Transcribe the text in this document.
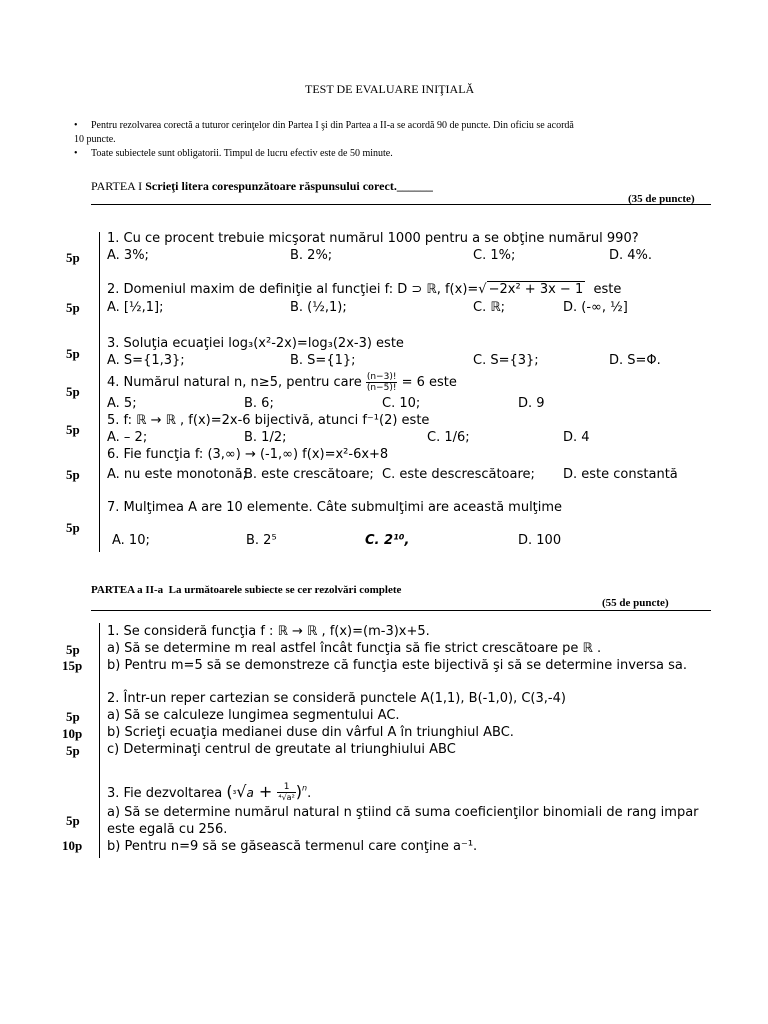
TEST DE EVALUARE INIŢIALĂ
• Pentru rezolvarea corectă a tuturor cerinţelor din Partea I şi din Partea a II-a se acordă 90 de puncte. Din oficiu se acordă
10 puncte.
• Toate subiectele sunt obligatorii. Timpul de lucru efectiv este de 50 minute.
PARTEA I Scrieţi litera corespunzătoare răspunsului corect.______
(35 de puncte)
5p
5p
5p
5p
5p
5p
5p
1. Cu ce procent trebuie micşorat numărul 1000 pentru a se obţine numărul 990?
A. 3%;	B. 2%;	C. 1%;	D. 4%.
2. Domeniul maxim de definiţie al funcţiei f: D ⊃ ℝ, f(x)=√ −2x² + 3x − 1 este
A. [½,1];	B. (½,1);	C. ℝ;	D. (-∞, ½]
3. Soluţia ecuaţiei log₃(x²-2x)=log₃(2x-3) este
A. S={1,3};	B. S={1};	C. S={3};	D. S=Φ.
4. Numărul natural n, n≥5, pentru care $\frac{(n-3)!}{(n-5)!} = 6$ este
A. 5;	B. 6;	C. 10;	D. 9
5. f: ℝ → ℝ , f(x)=2x-6 bijectivă, atunci f⁻¹(2) este
A. – 2;	B. 1/2;	C. 1/6;	D. 4
6. Fie funcţia f: (3,∞) → (-1,∞) f(x)=x²-6x+8
A. nu este monotonă;
B. este crescătoare; C. este descrescătoare; D. este constantă
7. Mulţimea A are 10 elemente. Câte submulţimi are această mulţime
A. 10;	B. 2⁵	C. 2¹⁰,	D. 100
PARTEA a II-a La următoarele subiecte se cer rezolvări complete
(55 de puncte)
5p
15p
5p
10p
5p
5p
10p
1. Se consideră funcţia f : ℝ → ℝ , f(x)=(m-3)x+5.
a) Să se determine m real astfel încât funcţia să fie strict crescătoare pe ℝ .
b) Pentru m=5 să se demonstreze că funcţia este bijectivă şi să se determine inversa sa.
2. Într-un reper cartezian se consideră punctele A(1,1), B(-1,0), C(3,-4)
a) Să se calculeze lungimea segmentului AC.
b) Scrieţi ecuaţia medianei duse din vârful A în triunghiul ABC.
c) Determinaţi centrul de greutate al triunghiului ABC
3. Fie dezvoltarea $(^3√a + \frac{1}{\text{⁴√a²}} )^n$.
a) Să se determine numărul natural n ştiind că suma coeficienţilor binomiali de rang impar
este egală cu 256.
b) Pentru n=9 să se găsească termenul care conţine a⁻¹.
